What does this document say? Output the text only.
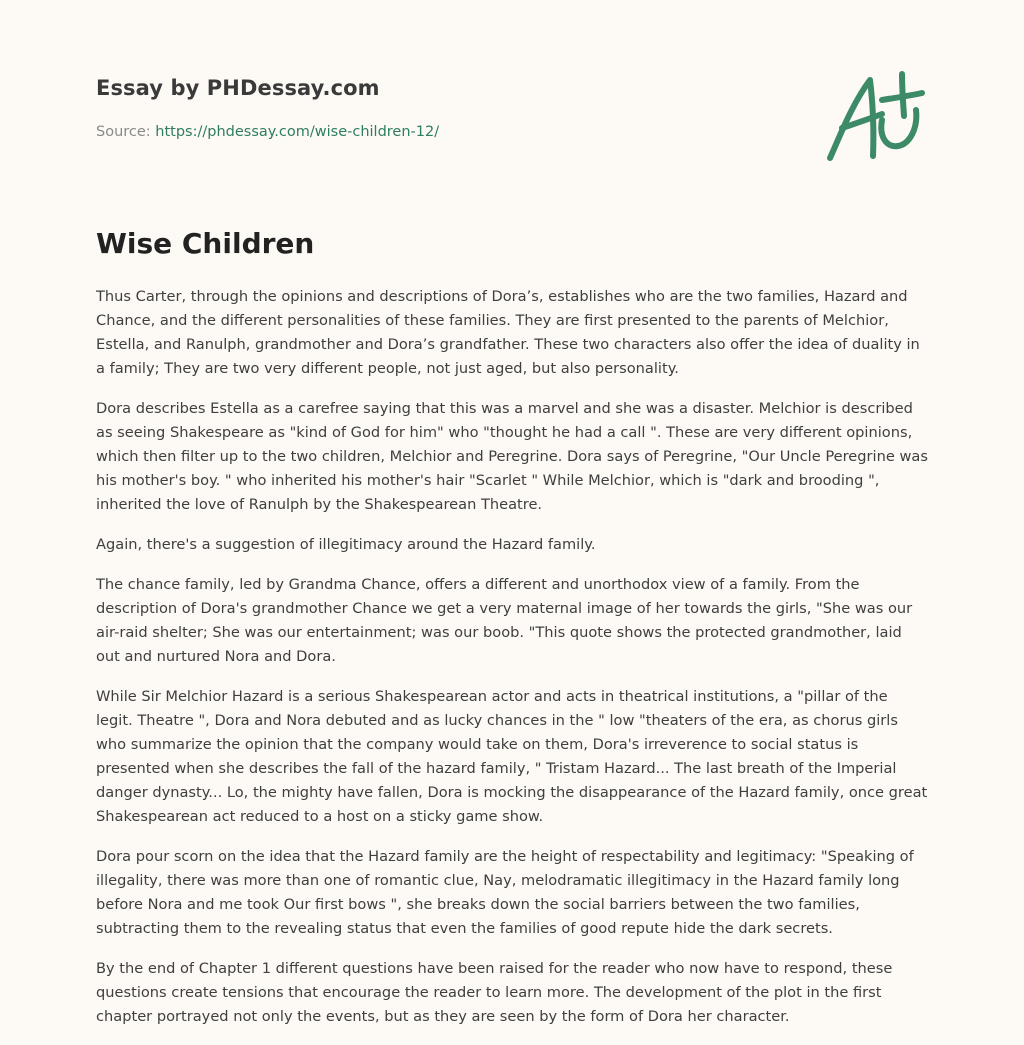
Essay by PHDessay.com
Source: https://phdessay.com/wise-children-12/
Wise Children

Thus Carter, through the opinions and descriptions of Dora’s, establishes who are the two families, Hazard and Chance, and the different personalities of these families. They are first presented to the parents of Melchior, Estella, and Ranulph, grandmother and Dora’s grandfather. These two characters also offer the idea of duality in a family; They are two very different people, not just aged, but also personality.

Dora describes Estella as a carefree saying that this was a marvel and she was a disaster. Melchior is described as seeing Shakespeare as "kind of God for him" who "thought he had a call ". These are very different opinions, which then filter up to the two children, Melchior and Peregrine. Dora says of Peregrine, "Our Uncle Peregrine was his mother's boy. " who inherited his mother's hair "Scarlet " While Melchior, which is "dark and brooding ", inherited the love of Ranulph by the Shakespearean Theatre.

Again, there's a suggestion of illegitimacy around the Hazard family.

The chance family, led by Grandma Chance, offers a different and unorthodox view of a family. From the description of Dora's grandmother Chance we get a very maternal image of her towards the girls, "She was our air-raid shelter; She was our entertainment; was our boob. "This quote shows the protected grandmother, laid out and nurtured Nora and Dora.

While Sir Melchior Hazard is a serious Shakespearean actor and acts in theatrical institutions, a "pillar of the legit. Theatre ", Dora and Nora debuted and as lucky chances in the " low "theaters of the era, as chorus girls who summarize the opinion that the company would take on them, Dora's irreverence to social status is presented when she describes the fall of the hazard family, " Tristam Hazard... The last breath of the Imperial danger dynasty... Lo, the mighty have fallen, Dora is mocking the disappearance of the Hazard family, once great Shakespearean act reduced to a host on a sticky game show.

Dora pour scorn on the idea that the Hazard family are the height of respectability and legitimacy: "Speaking of illegality, there was more than one of romantic clue, Nay, melodramatic illegitimacy in the Hazard family long before Nora and me took Our first bows ", she breaks down the social barriers between the two families, subtracting them to the revealing status that even the families of good repute hide the dark secrets.

By the end of Chapter 1 different questions have been raised for the reader who now have to respond, these questions create tensions that encourage the reader to learn more. The development of the plot in the first chapter portrayed not only the events, but as they are seen by the form of Dora her character.
